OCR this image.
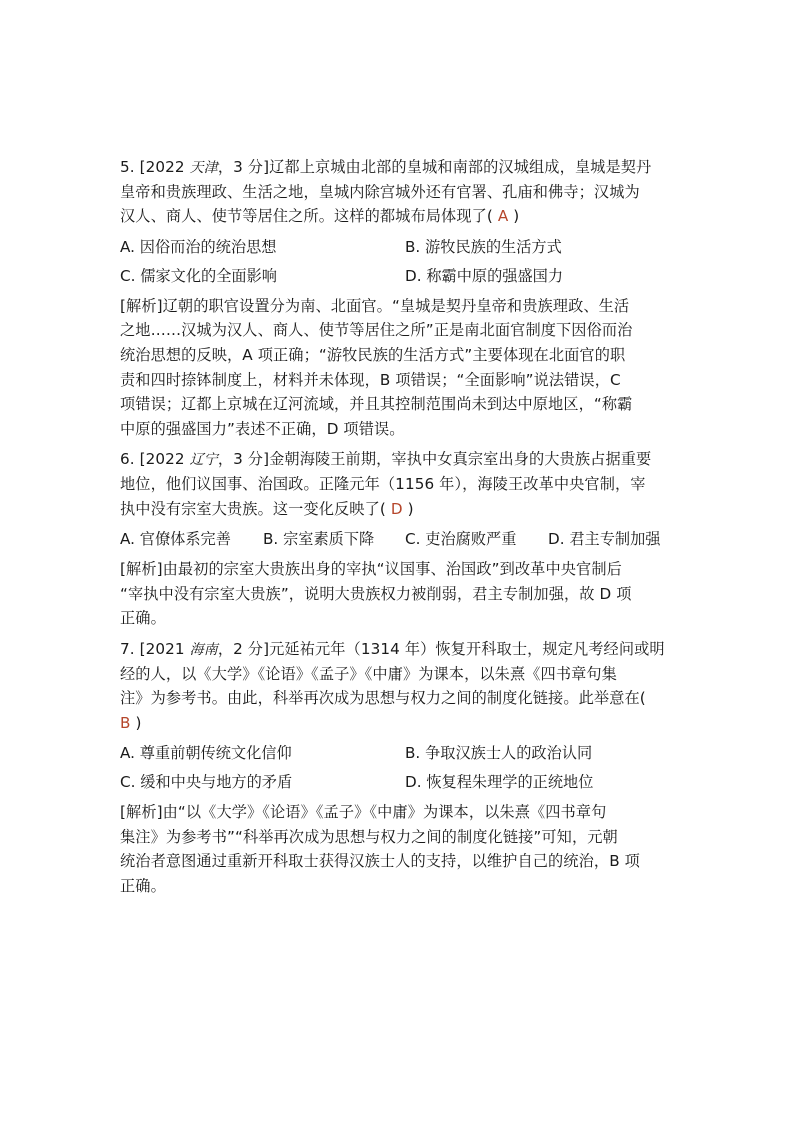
5. [2022 天津，3 分]辽都上京城由北部的皇城和南部的汉城组成，皇城是契丹
皇帝和贵族理政、生活之地，皇城内除宫城外还有官署、孔庙和佛寺；汉城为
汉人、商人、使节等居住之所。这样的都城布局体现了( A )
A. 因俗而治的统治思想	B. 游牧民族的生活方式
C. 儒家文化的全面影响	D. 称霸中原的强盛国力
[解析]辽朝的职官设置分为南、北面官。“皇城是契丹皇帝和贵族理政、生活
之地……汉城为汉人、商人、使节等居住之所”正是南北面官制度下因俗而治
统治思想的反映，A 项正确；“游牧民族的生活方式”主要体现在北面官的职
责和四时捺钵制度上，材料并未体现，B 项错误；“全面影响”说法错误，C
项错误；辽都上京城在辽河流域，并且其控制范围尚未到达中原地区，“称霸
中原的强盛国力”表述不正确，D 项错误。
6. [2022 辽宁，3 分]金朝海陵王前期，宰执中女真宗室出身的大贵族占据重要
地位，他们议国事、治国政。正隆元年（1156 年），海陵王改革中央官制，宰
执中没有宗室大贵族。这一变化反映了( D )
A. 官僚体系完善 B. 宗室素质下降 C. 吏治腐败严重 D. 君主专制加强
[解析]由最初的宗室大贵族出身的宰执“议国事、治国政”到改革中央官制后
“宰执中没有宗室大贵族”，说明大贵族权力被削弱，君主专制加强，故 D 项
正确。
7. [2021 海南，2 分]元延祐元年（1314 年）恢复开科取士，规定凡考经问或明
经的人，以《大学》《论语》《孟子》《中庸》为课本，以朱熹《四书章句集
注》为参考书。由此，科举再次成为思想与权力之间的制度化链接。此举意在(
B )
A. 尊重前朝传统文化信仰	B. 争取汉族士人的政治认同
C. 缓和中央与地方的矛盾	D. 恢复程朱理学的正统地位
[解析]由“以《大学》《论语》《孟子》《中庸》为课本，以朱熹《四书章句
集注》为参考书”“科举再次成为思想与权力之间的制度化链接”可知，元朝
统治者意图通过重新开科取士获得汉族士人的支持，以维护自己的统治，B 项
正确。
